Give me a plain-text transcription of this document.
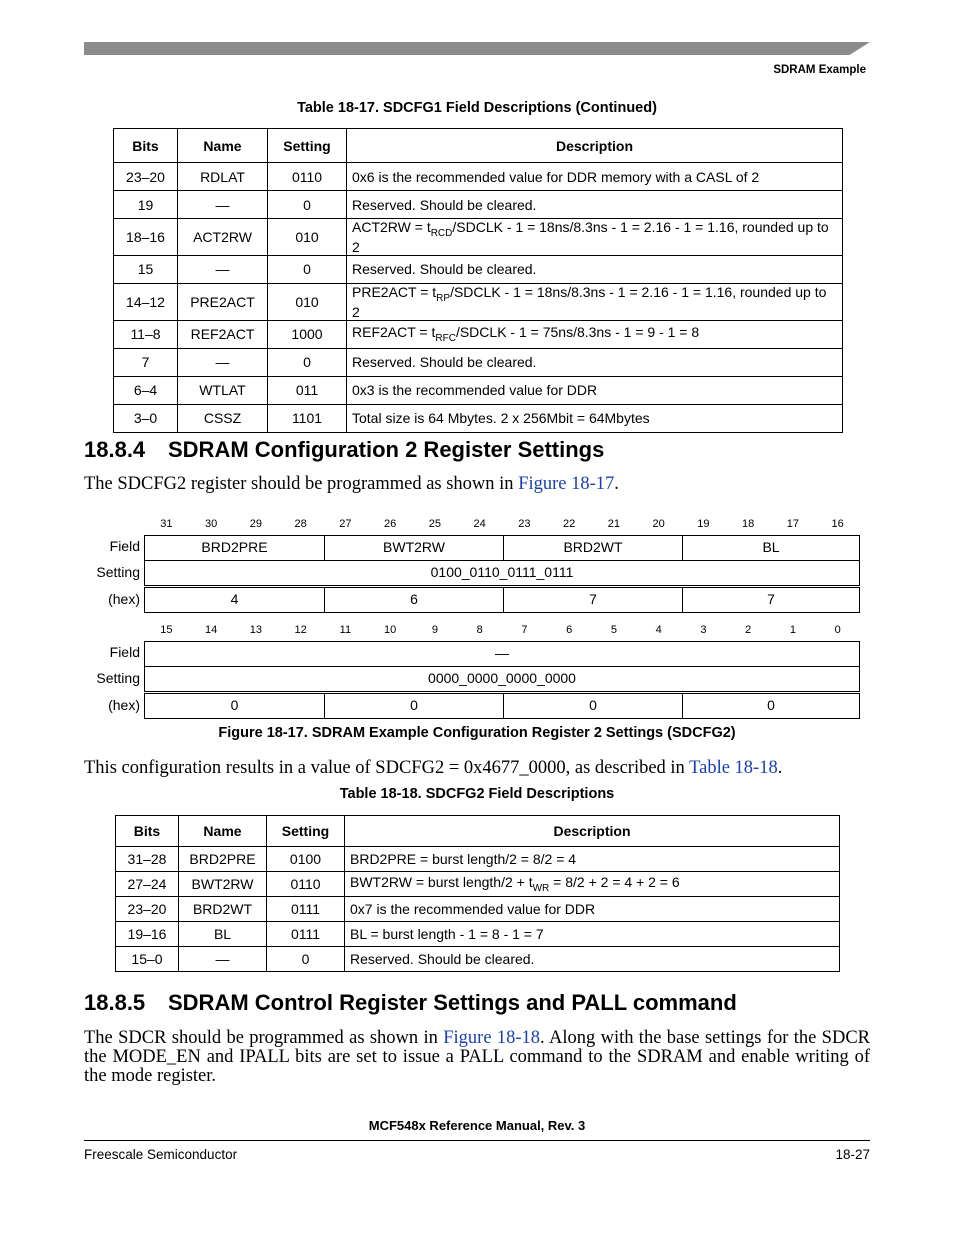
SDRAM Example
Table 18-17. SDCFG1 Field Descriptions (Continued)
Bits	Name	Setting	Description
23–20	RDLAT	0110	0x6 is the recommended value for DDR memory with a CASL of 2
19	—	0	Reserved. Should be cleared.
18–16	ACT2RW	010	$ACT2RW = t_{RCD}$/SDCLK - 1 = 18ns/8.3ns - 1 = 2.16 - 1 = 1.16, rounded up to 2
15	—	0	Reserved. Should be cleared.
14–12	PRE2ACT	010	$PRE2ACT = t_{RP}$/SDCLK - 1 = 18ns/8.3ns - 1 = 2.16 - 1 = 1.16, rounded up to 2
11–8	REF2ACT	1000	$REF2ACT = t_{RFC}$/SDCLK - 1 = 75ns/8.3ns - 1 = 9 - 1 = 8
7	—	0	Reserved. Should be cleared.
6–4	WTLAT	011	0x3 is the recommended value for DDR
3–0	CSSZ	1101	Total size is 64 Mbytes. 2 x 256Mbit = 64Mbytes
18.8.4 SDRAM Configuration 2 Register Settings

The SDCFG2 register should be programmed as shown in Figure 18-17.

31	30	29	28	27	26	25	24	23	22	21	20	19	18	17	16
Field	BRD2PRE	BWT2RW	BRD2WT	BL
Setting	0100_0110_0111_0111
(hex)	4	6	7	7
15	14	13	12	11	10	9	8	7	6	5	4	3	2	1	0
Field	—
Setting	0000_0000_0000_0000
(hex)	0	0	0	0
Figure 18-17. SDRAM Example Configuration Register 2 Settings (SDCFG2)

This configuration results in a value of SDCFG2 = 0x4677_0000, as described in Table 18-18.

Table 18-18. SDCFG2 Field Descriptions
Bits	Name	Setting	Description
31–28	BRD2PRE	0100	BRD2PRE = burst length/2 = 8/2 = 4
27–24	BWT2RW	0110	BWT2RW = burst length/2 + $t_{WR} = 8/2 + 2 = 4 + 2 = 6$
23–20	BRD2WT	0111	0x7 is the recommended value for DDR
19–16	BL	0111	BL = burst length - 1 = 8 - 1 = 7
15–0	—	0	Reserved. Should be cleared.
18.8.5 SDRAM Control Register Settings and PALL command

The SDCR should be programmed as shown in Figure 18-18. Along with the base settings for the SDCR the MODE_EN and IPALL bits are set to issue a PALL command to the SDRAM and enable writing of the mode register.

MCF548x Reference Manual, Rev. 3
Freescale Semiconductor	18-27
